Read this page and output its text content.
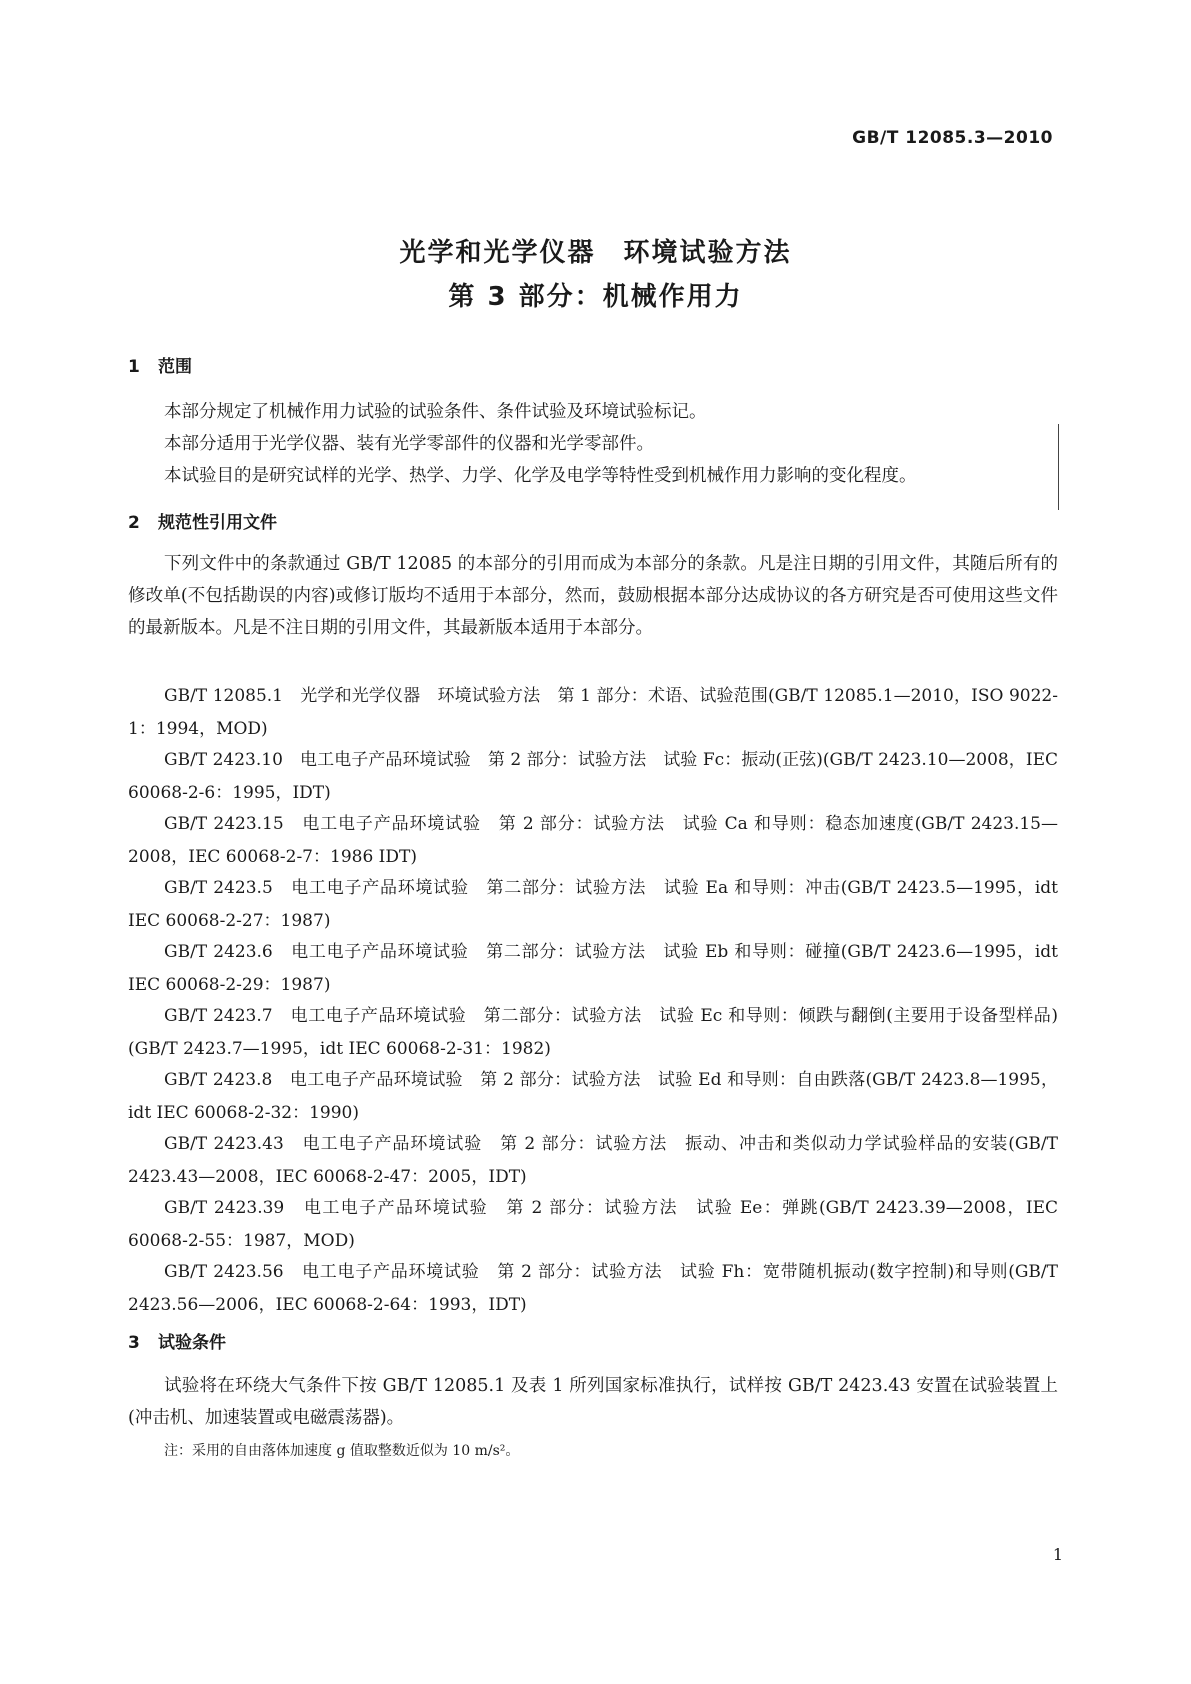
GB/T 12085.3—2010
光学和光学仪器　环境试验方法
第 3 部分：机械作用力
1 范围
本部分规定了机械作用力试验的试验条件、条件试验及环境试验标记。
本部分适用于光学仪器、装有光学零部件的仪器和光学零部件。
本试验目的是研究试样的光学、热学、力学、化学及电学等特性受到机械作用力影响的变化程度。
2 规范性引用文件
下列文件中的条款通过 GB/T 12085 的本部分的引用而成为本部分的条款。凡是注日期的引用文件，其随后所有的修改单(不包括勘误的内容)或修订版均不适用于本部分，然而，鼓励根据本部分达成协议的各方研究是否可使用这些文件的最新版本。凡是不注日期的引用文件，其最新版本适用于本部分。
GB/T 12085.1　光学和光学仪器　环境试验方法　第 1 部分：术语、试验范围(GB/T 12085.1—2010，ISO 9022-1：1994，MOD)
GB/T 2423.10　电工电子产品环境试验　第 2 部分：试验方法　试验 Fc：振动(正弦)(GB/T 2423.10—2008，IEC 60068-2-6：1995，IDT)
GB/T 2423.15　电工电子产品环境试验　第 2 部分：试验方法　试验 Ca 和导则：稳态加速度(GB/T 2423.15—2008，IEC 60068-2-7：1986 IDT)
GB/T 2423.5　电工电子产品环境试验　第二部分：试验方法　试验 Ea 和导则：冲击(GB/T 2423.5—1995，idt IEC 60068-2-27：1987)
GB/T 2423.6　电工电子产品环境试验　第二部分：试验方法　试验 Eb 和导则：碰撞(GB/T 2423.6—1995，idt IEC 60068-2-29：1987)
GB/T 2423.7　电工电子产品环境试验　第二部分：试验方法　试验 Ec 和导则：倾跌与翻倒(主要用于设备型样品)(GB/T 2423.7—1995，idt IEC 60068-2-31：1982)
GB/T 2423.8　电工电子产品环境试验　第 2 部分：试验方法　试验 Ed 和导则：自由跌落(GB/T 2423.8—1995，idt IEC 60068-2-32：1990)
GB/T 2423.43　电工电子产品环境试验　第 2 部分：试验方法　振动、冲击和类似动力学试验样品的安装(GB/T 2423.43—2008，IEC 60068-2-47：2005，IDT)
GB/T 2423.39　电工电子产品环境试验　第 2 部分：试验方法　试验 Ee：弹跳(GB/T 2423.39—2008，IEC 60068-2-55：1987，MOD)
GB/T 2423.56　电工电子产品环境试验　第 2 部分：试验方法　试验 Fh：宽带随机振动(数字控制)和导则(GB/T 2423.56—2006，IEC 60068-2-64：1993，IDT)
3 试验条件
试验将在环绕大气条件下按 GB/T 12085.1 及表 1 所列国家标准执行，试样按 GB/T 2423.43 安置在试验装置上(冲击机、加速装置或电磁震荡器)。
注：采用的自由落体加速度 g 值取整数近似为 10 m/s²。
1
